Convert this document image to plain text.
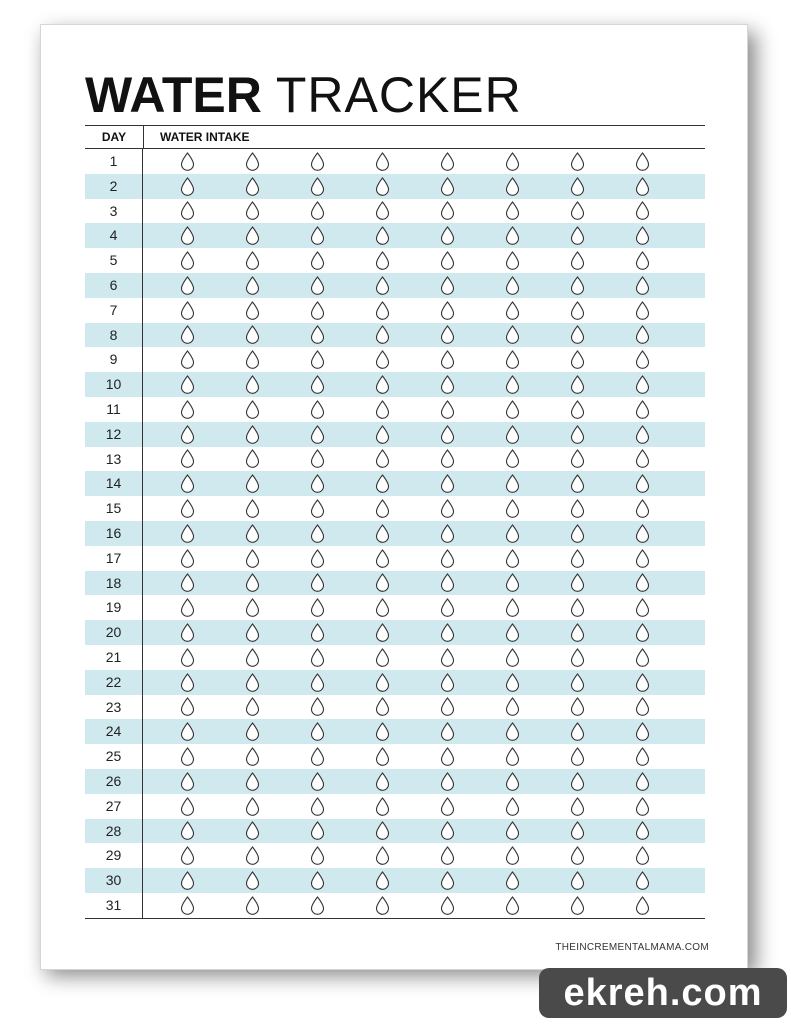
WATER TRACKER
DAY	WATER INTAKE
1
2
3
4
5
6
7
8
9
10
11
12
13
14
15
16
17
18
19
20
21
22
23
24
25
26
27
28
29
30
31
THEINCREMENTALMAMA.COM
ekreh.com
